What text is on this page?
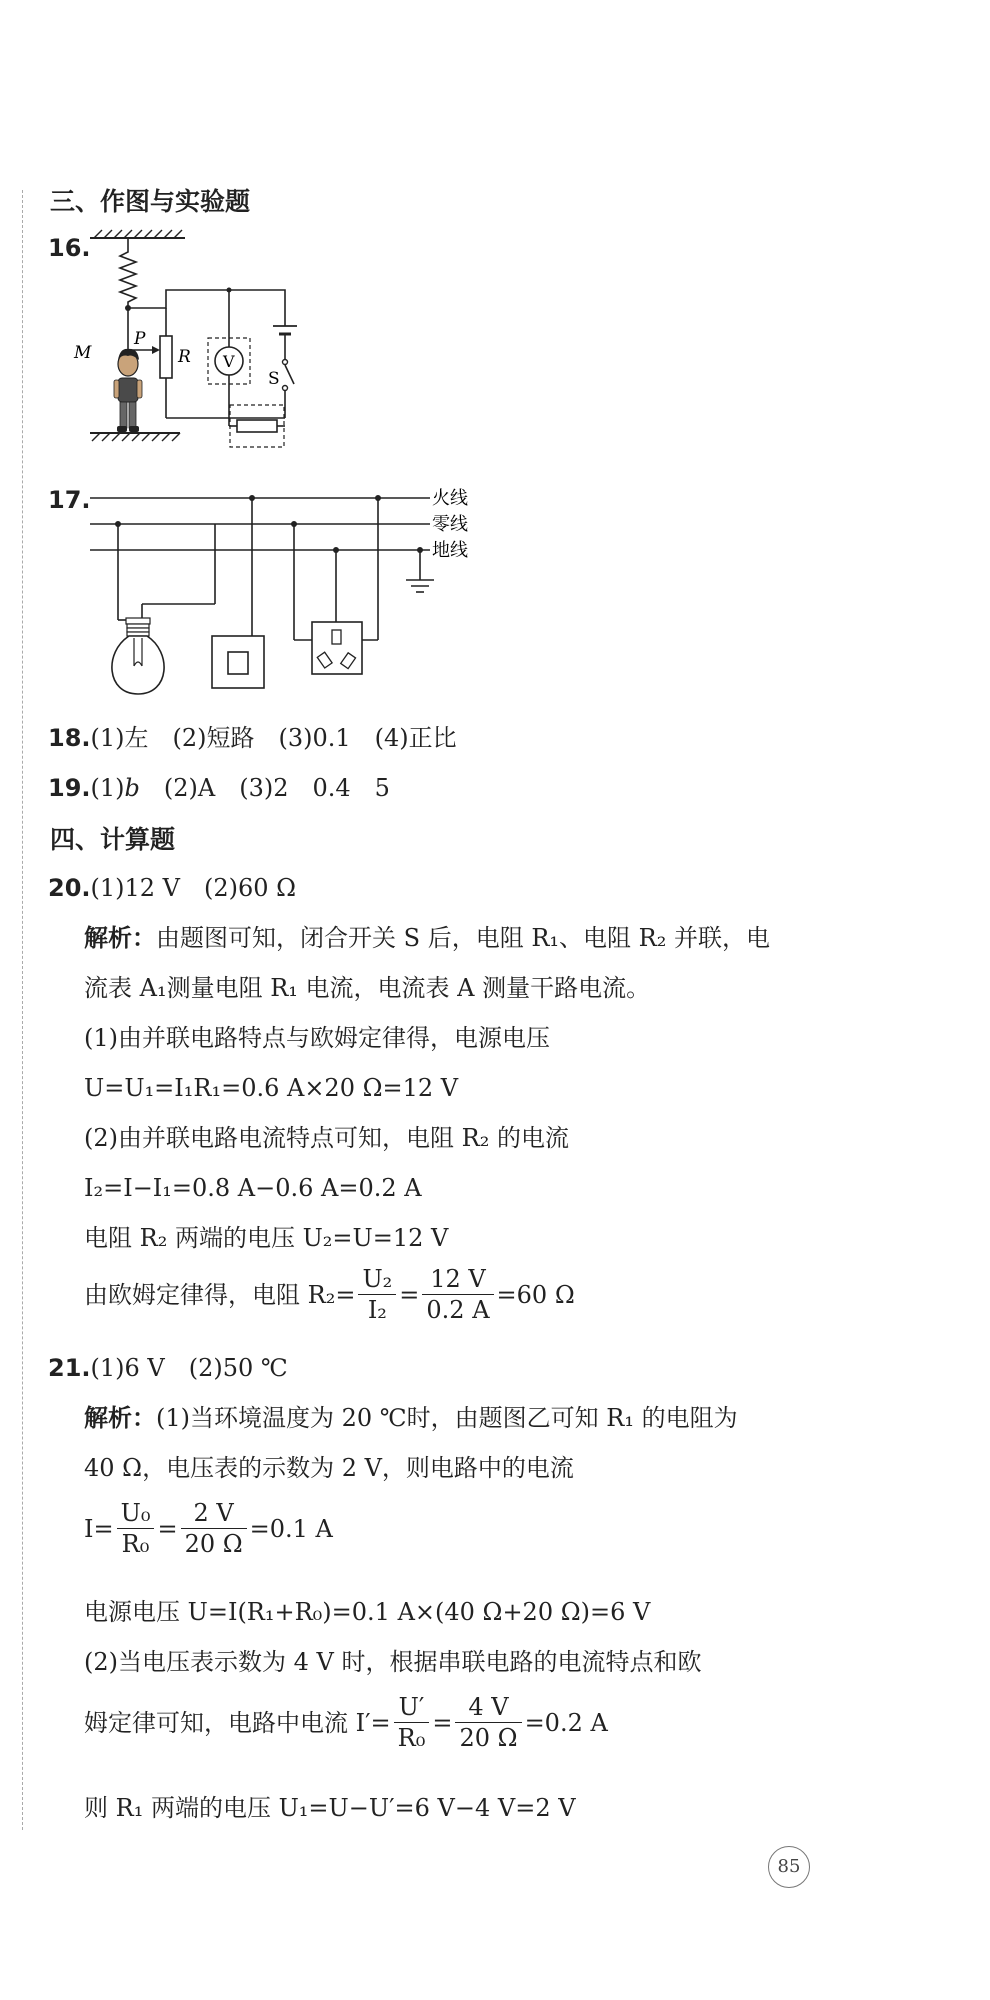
三、作图与实验题
16.
M
P
R V
S
17.	火线
零线
地线
18.(1)左　(2)短路　(3)0.1　(4)正比
19.(1)b　(2)A　(3)2　0.4　5
四、计算题
20.(1)12 V　(2)60 Ω
解析：由题图可知，闭合开关 S 后，电阻 R₁、电阻 R₂ 并联，电
流表 A₁测量电阻 R₁ 电流，电流表 A 测量干路电流。
(1)由并联电路特点与欧姆定律得，电源电压
U=U₁=I₁R₁=0.6 A×20 Ω=12 V
(2)由并联电路电流特点可知，电阻 R₂ 的电流
I₂=I−I₁=0.8 A−0.6 A=0.2 A
电阻 R₂ 两端的电压 U₂=U=12 V
由欧姆定律得，电阻 $R_2= \frac{\text{U₂}}{\text{I₂}} = \frac{12 V}{0.2 A} =60$ Ω
21.(1)6 V　(2)50 ℃
解析：(1)当环境温度为 20 ℃时，由题图乙可知 R₁ 的电阻为
40 Ω，电压表的示数为 2 V，则电路中的电流
$I= \frac{\text{U₀}}{\text{R₀}} = \frac{2 V}{20 \Omega} =0.1$ A
电源电压 U=I(R₁+R₀)=0.1 A×(40 Ω+20 Ω)=6 V
(2)当电压表示数为 4 V 时，根据串联电路的电流特点和欧
姆定律可知，电路中电流 $I'= \frac{U'}{\text{R₀}} = \frac{4 V}{20 \Omega} =0.2$ A
则 R₁ 两端的电压 U₁=U−U′=6 V−4 V=2 V
85
